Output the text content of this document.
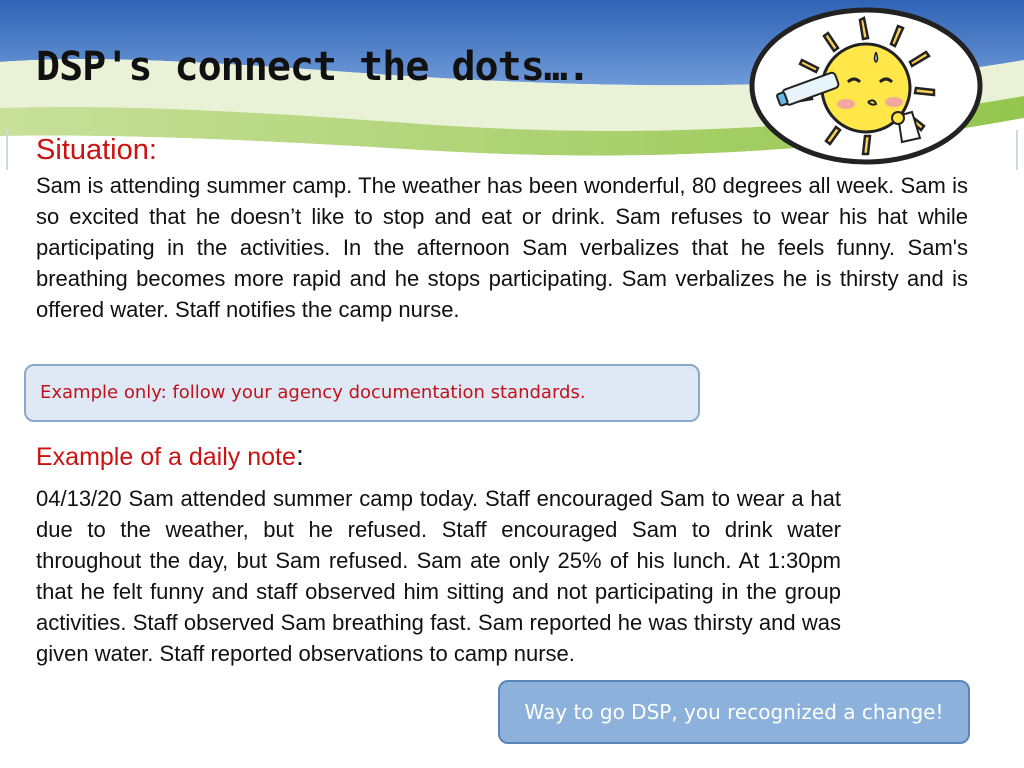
DSP's connect the dots….
Situation:

Sam is attending summer camp. The weather has been wonderful, 80 degrees all week. Sam is so excited that he doesn’t like to stop and eat or drink. Sam refuses to wear his hat while participating in the activities. In the afternoon Sam verbalizes that he feels funny. Sam's breathing becomes more rapid and he stops participating. Sam verbalizes he is thirsty and is offered water. Staff notifies the camp nurse.

Example only: follow your agency documentation standards.
Example of a daily note:

04/13/20 Sam attended summer camp today. Staff encouraged Sam to wear a hat due to the weather, but he refused. Staff encouraged Sam to drink water throughout the day, but Sam refused. Sam ate only 25% of his lunch. At 1:30pm that he felt funny and staff observed him sitting and not participating in the group activities. Staff observed Sam breathing fast. Sam reported he was thirsty and was given water. Staff reported observations to camp nurse.

Way to go DSP, you recognized a change!
